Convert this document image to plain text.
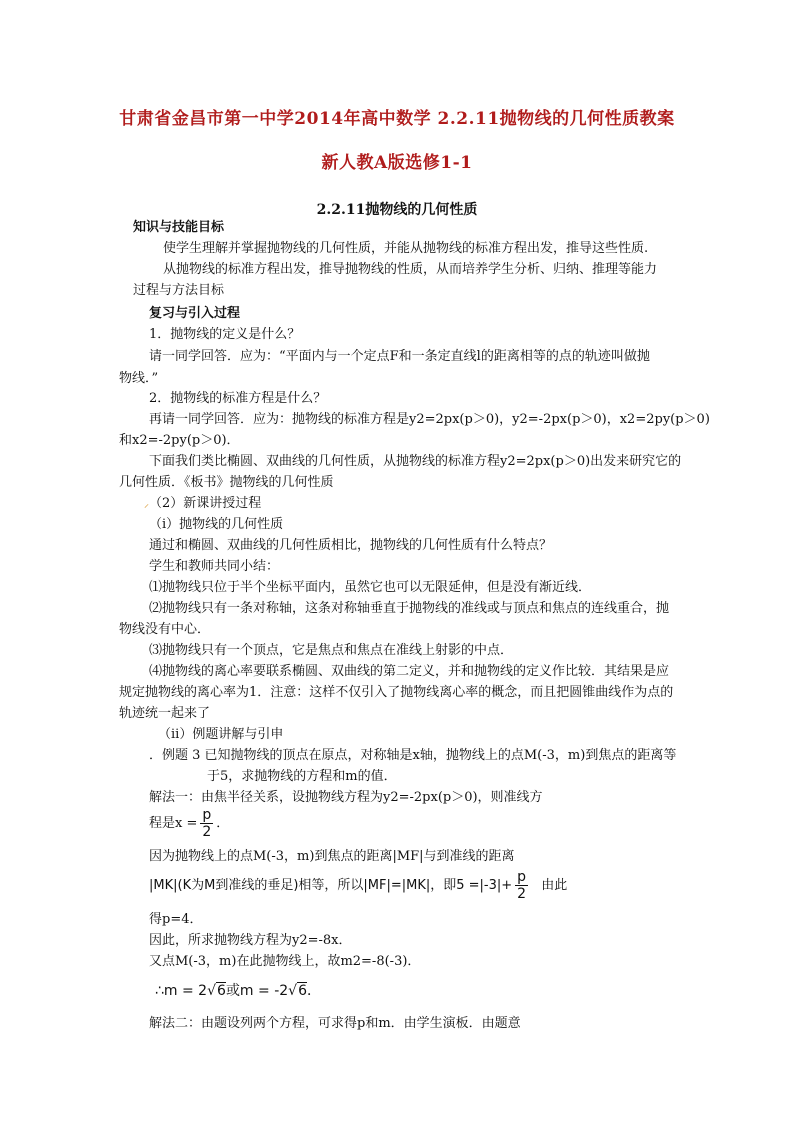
甘肃省金昌市第一中学2014年高中数学 2.2.11抛物线的几何性质教案
新人教A版选修1-1
2.2.11抛物线的几何性质
知识与技能目标
使学生理解并掌握抛物线的几何性质，并能从抛物线的标准方程出发，推导这些性质.
从抛物线的标准方程出发，推导抛物线的性质，从而培养学生分析、归纳、推理等能力
过程与方法目标
复习与引入过程
1．抛物线的定义是什么？
请一同学回答．应为：“平面内与一个定点F和一条定直线l的距离相等的点的轨迹叫做抛
物线．”
2．抛物线的标准方程是什么？
再请一同学回答．应为：抛物线的标准方程是y2=2px(p＞0)，y2=-2px(p＞0)，x2=2py(p＞0)
和x2=-2py(p＞0)．
下面我们类比椭圆、双曲线的几何性质，从抛物线的标准方程y2=2px(p＞0)出发来研究它的
几何性质．《板书》抛物线的几何性质
⸝（2）新课讲授过程
（i）抛物线的几何性质
通过和椭圆、双曲线的几何性质相比，抛物线的几何性质有什么特点？
学生和教师共同小结：
⑴抛物线只位于半个坐标平面内，虽然它也可以无限延伸，但是没有渐近线．
⑵抛物线只有一条对称轴，这条对称轴垂直于抛物线的准线或与顶点和焦点的连线重合，抛
物线没有中心．
⑶抛物线只有一个顶点，它是焦点和焦点在准线上射影的中点．
⑷抛物线的离心率要联系椭圆、双曲线的第二定义，并和抛物线的定义作比较．其结果是应
规定抛物线的离心率为1．注意：这样不仅引入了抛物线离心率的概念，而且把圆锥曲线作为点的
轨迹统一起来了
（ii）例题讲解与引申
．例题 3 已知抛物线的顶点在原点，对称轴是x轴，抛物线上的点M(-3，m)到焦点的距离等
于5，求抛物线的方程和m的值．
解法一：由焦半径关系，设抛物线方程为y2=-2px(p＞0)，则准线方
程是$x = \frac{p}{2}$ ．
因为抛物线上的点M(-3，m)到焦点的距离|MF|与到准线的距离
|MK|(K为M到准线的垂足)相等，所以|MF|=|MK|，即$5 =|-3|+ \frac{p}{2}$ 由此
得p=4．
因此，所求抛物线方程为y2=-8x．
又点M(-3，m)在此抛物线上，故m2=-8(-3)．
∴m = 2√6或m = -2√6．
解法二：由题设列两个方程，可求得p和m．由学生演板．由题意
